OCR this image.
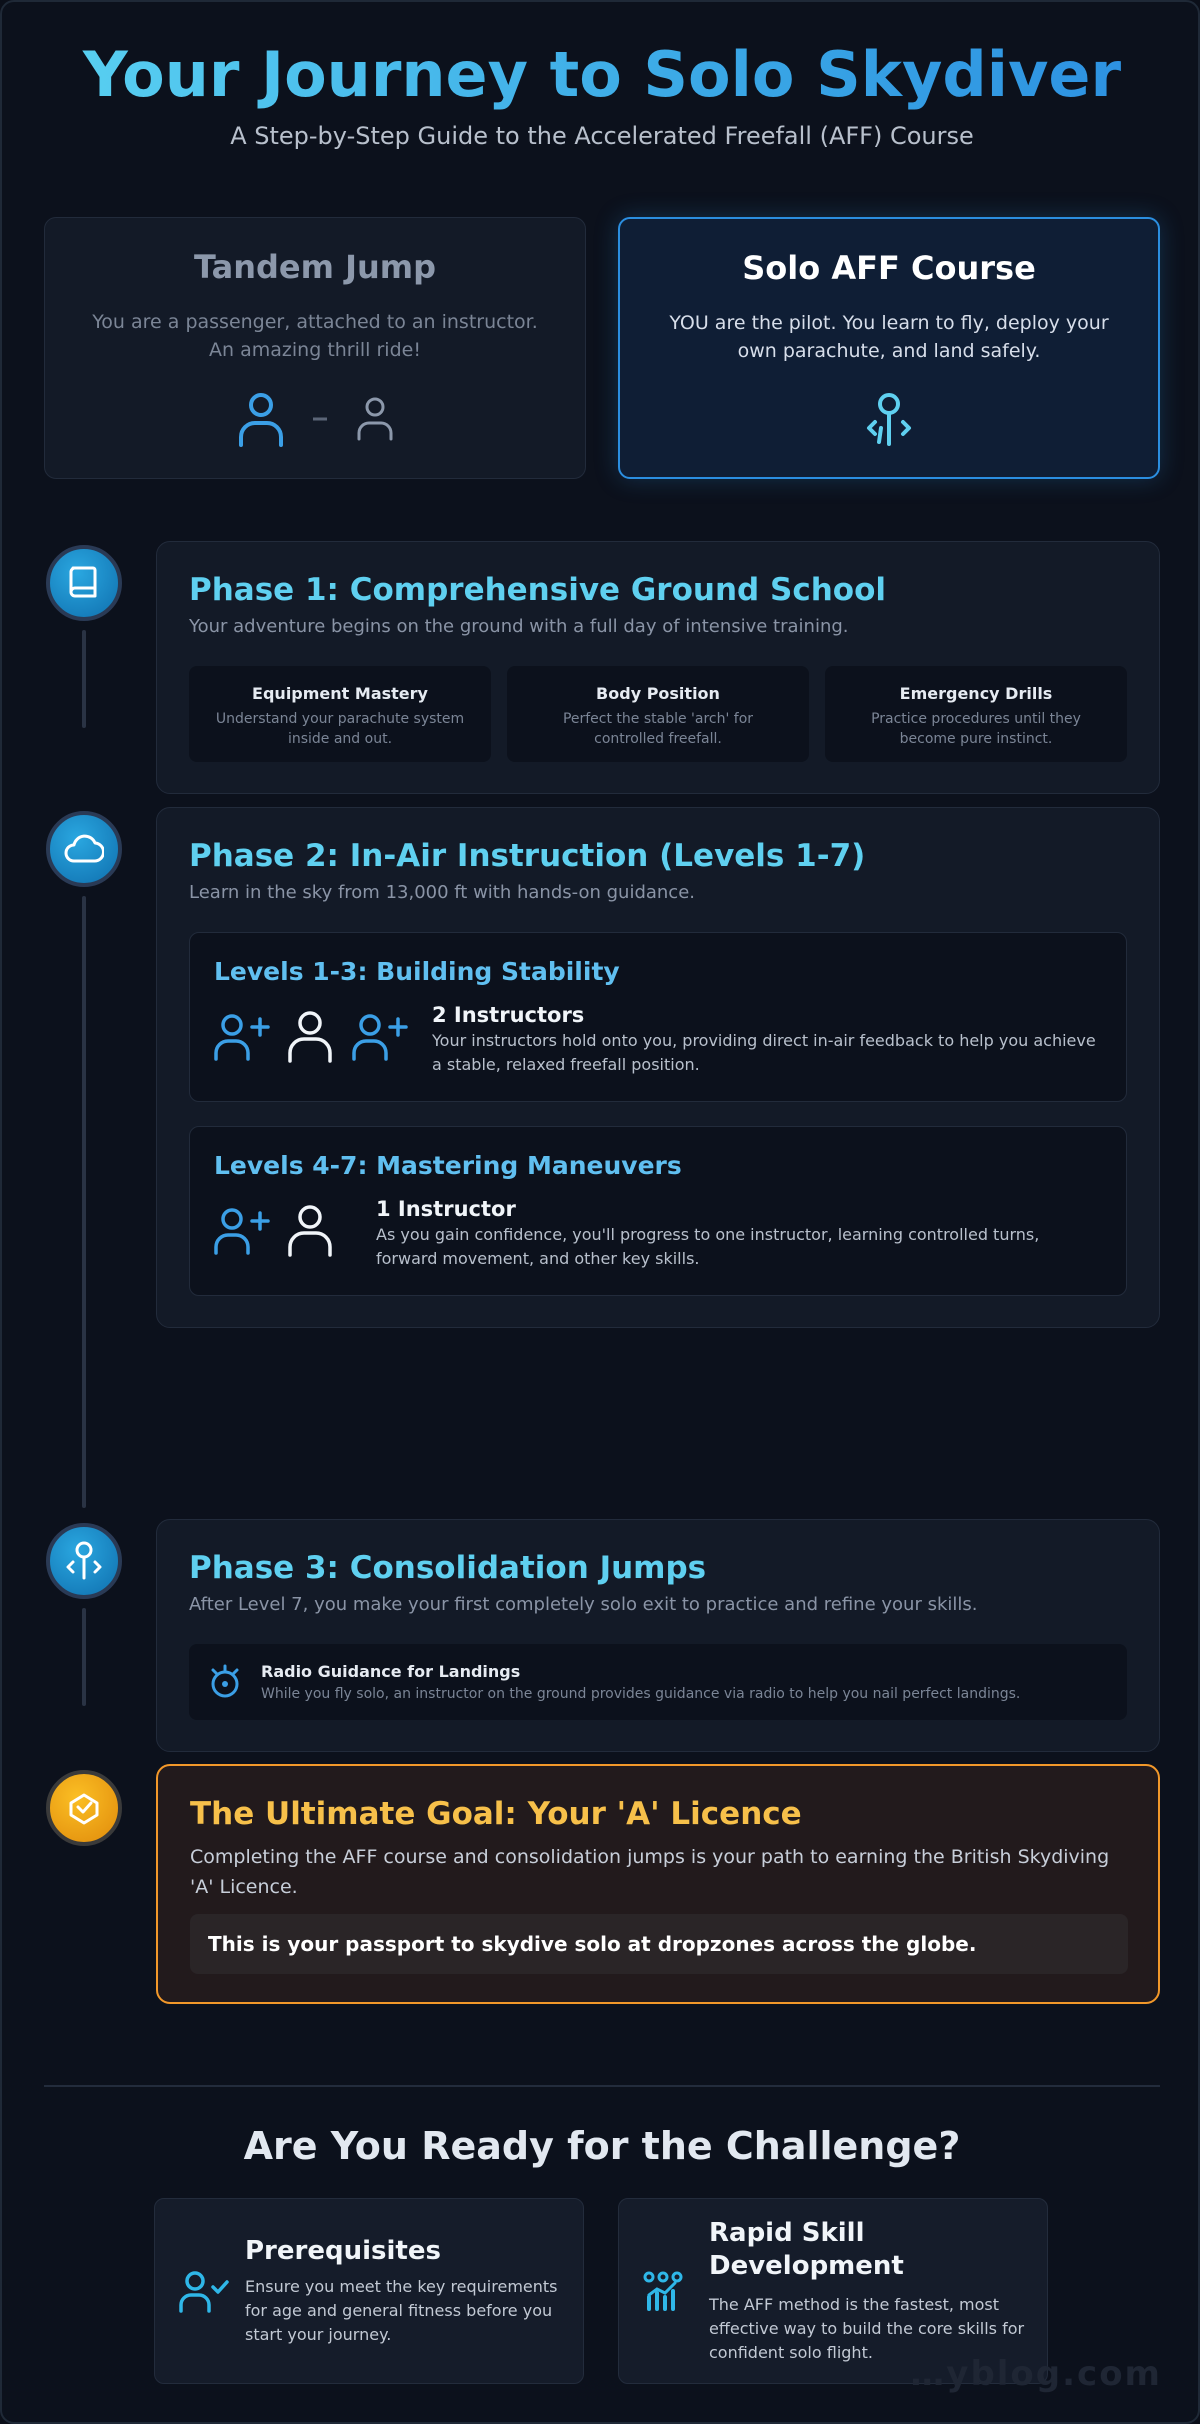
Your Journey to Solo Skydiver
A Step-by-Step Guide to the Accelerated Freefall (AFF) Course
Tandem Jump

You are a passenger, attached to an instructor. An amazing thrill ride!

Solo AFF Course

YOU are the pilot. You learn to fly, deploy your own parachute, and land safely.

Phase 1: Comprehensive Ground School
Your adventure begins on the ground with a full day of intensive training.
Equipment Mastery
Understand your parachute system inside and out.
Body Position
Perfect the stable 'arch' for controlled freefall.
Emergency Drills
Practice procedures until they become pure instinct.
Phase 2: In-Air Instruction (Levels 1-7)
Learn in the sky from 13,000 ft with hands-on guidance.
Levels 1-3: Building Stability
2 Instructors
Your instructors hold onto you, providing direct in-air feedback to help you achieve a stable, relaxed freefall position.
Levels 4-7: Mastering Maneuvers
1 Instructor
As you gain confidence, you'll progress to one instructor, learning controlled turns, forward movement, and other key skills.
Phase 3: Consolidation Jumps
After Level 7, you make your first completely solo exit to practice and refine your skills.
Radio Guidance for Landings
While you fly solo, an instructor on the ground provides guidance via radio to help you nail perfect landings.
The Ultimate Goal: Your 'A' Licence
Completing the AFF course and consolidation jumps is your path to earning the British Skydiving 'A' Licence.
This is your passport to skydive solo at dropzones across the globe.
Are You Ready for the Challenge?
Prerequisites
Ensure you meet the key requirements for age and general fitness before you start your journey.
Rapid Skill Development
The AFF method is the fastest, most effective way to build the core skills for confident solo flight.
…yblog.com
